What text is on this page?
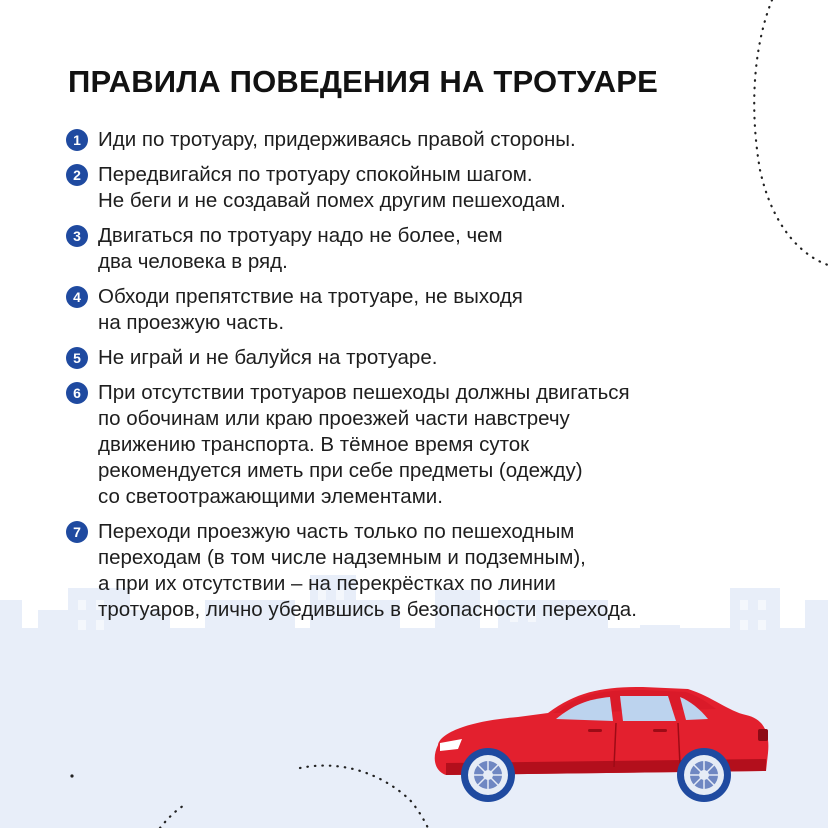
ПРАВИЛА ПОВЕДЕНИЯ НА ТРОТУАРЕ
1 Иди по тротуару, придерживаясь правой стороны.
2 Передвигайся по тротуару спокойным шагом.
Не беги и не создавай помех другим пешеходам.
3 Двигаться по тротуару надо не более, чем
два человека в ряд.
4 Обходи препятствие на тротуаре, не выходя
на проезжую часть.
5 Не играй и не балуйся на тротуаре.
6 При отсутствии тротуаров пешеходы должны двигаться
по обочинам или краю проезжей части навстречу
движению транспорта. В тёмное время суток
рекомендуется иметь при себе предметы (одежду)
со светоотражающими элементами.
7 Переходи проезжую часть только по пешеходным
переходам (в том числе надземным и подземным),
а при их отсутствии – на перекрёстках по линии
тротуаров, лично убедившись в безопасности перехода.
